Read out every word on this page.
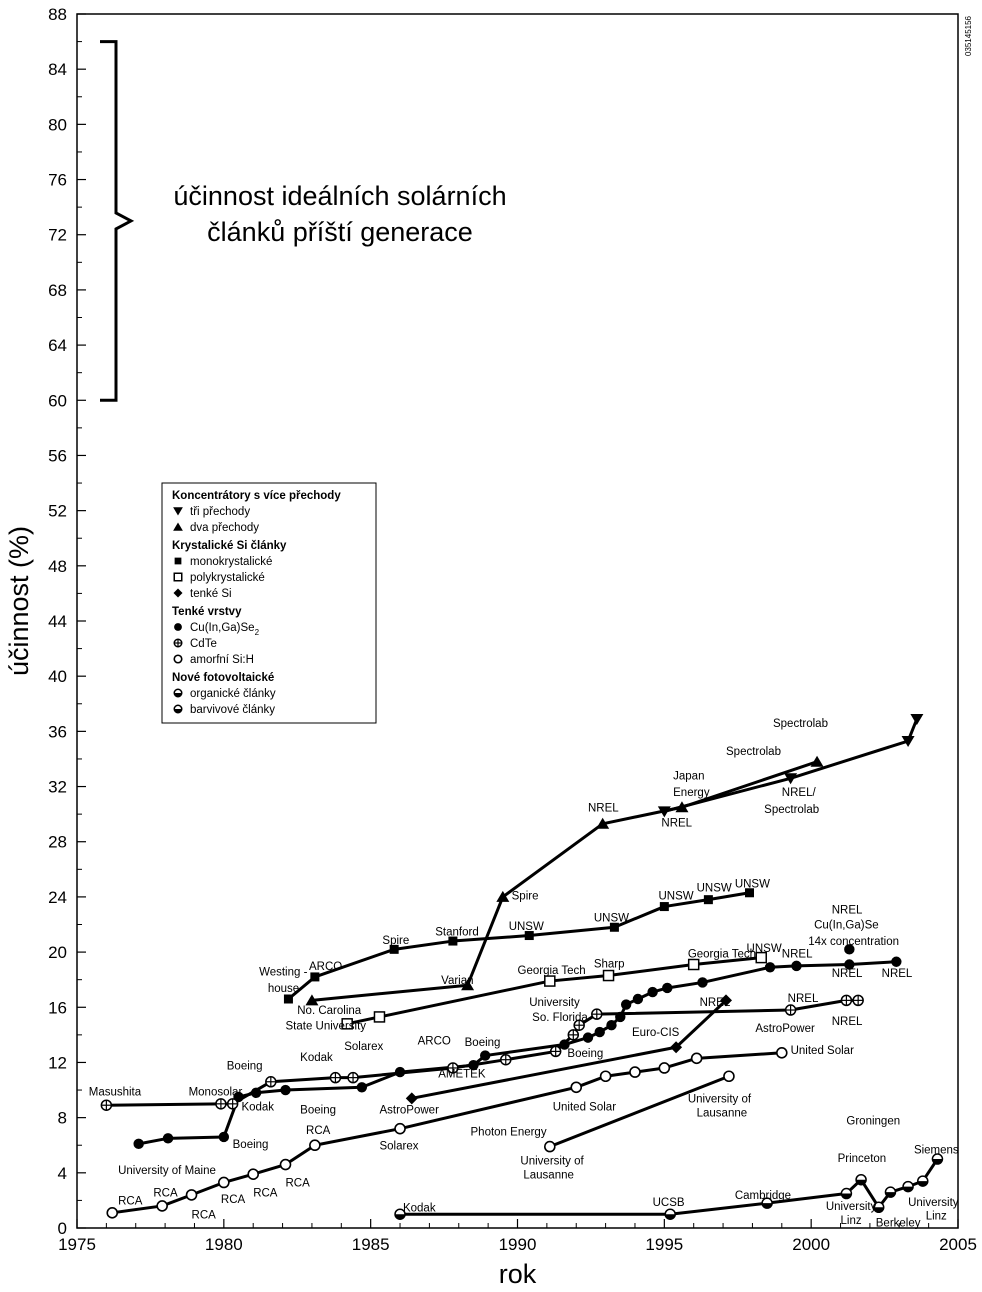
účinnost ideálních solárních
článků příští generace
Spectrolab
Spectrolab
Japan
Energy	NREL/
Spectrolab
NREL
NREL
Spire
UNSW
UNSW
UNSW
UNSW
UNSW
Stanford
Spire
ARCO
Westing -
house
Varian
Georgia Tech
Sharp
Georgia Tech
UNSW NREL
NREL
Cu(In,Ga)Se
14x concentration
NREL NREL
No. Carolina
State University
Solarex
University
So. Florida
NREL	NREL
NREL
Euro-CIS	AstroPower
Boeing
ARCO Boeing
AMETEK
United Solar
Kodak
Boeing
Masushita	Monosolar
Kodak Boeing	AstroPower	United Solar
University of
Lausanne
Photon Energy
Boeing
University of Maine
University of
Lausanne
RCA
Solarex
RCA
RCA
RCA
RCA
RCA
RCA
Kodak	UCSB
Cambridge
Groningen
Princeton
Siemens
University
Linz Berkeley
University
Linz
0
4
8
12
16
20
24
28
32
36
40
44
48
52
56
60
64
68
72
76
80
84
88
1975	1980	1985	1990	1995	2000	2005
rok
účinnost (%)
035145156
Koncentrátory s více přechody
tři přechody
dva přechody
Krystalické Si články
monokrystalické
polykrystalické
tenké Si
Tenké vrstvy
$Cu(In,Ga)Se_2$
CdTe
amorfní Si:H
Nové fotovoltaické
organické články
barvivové články
